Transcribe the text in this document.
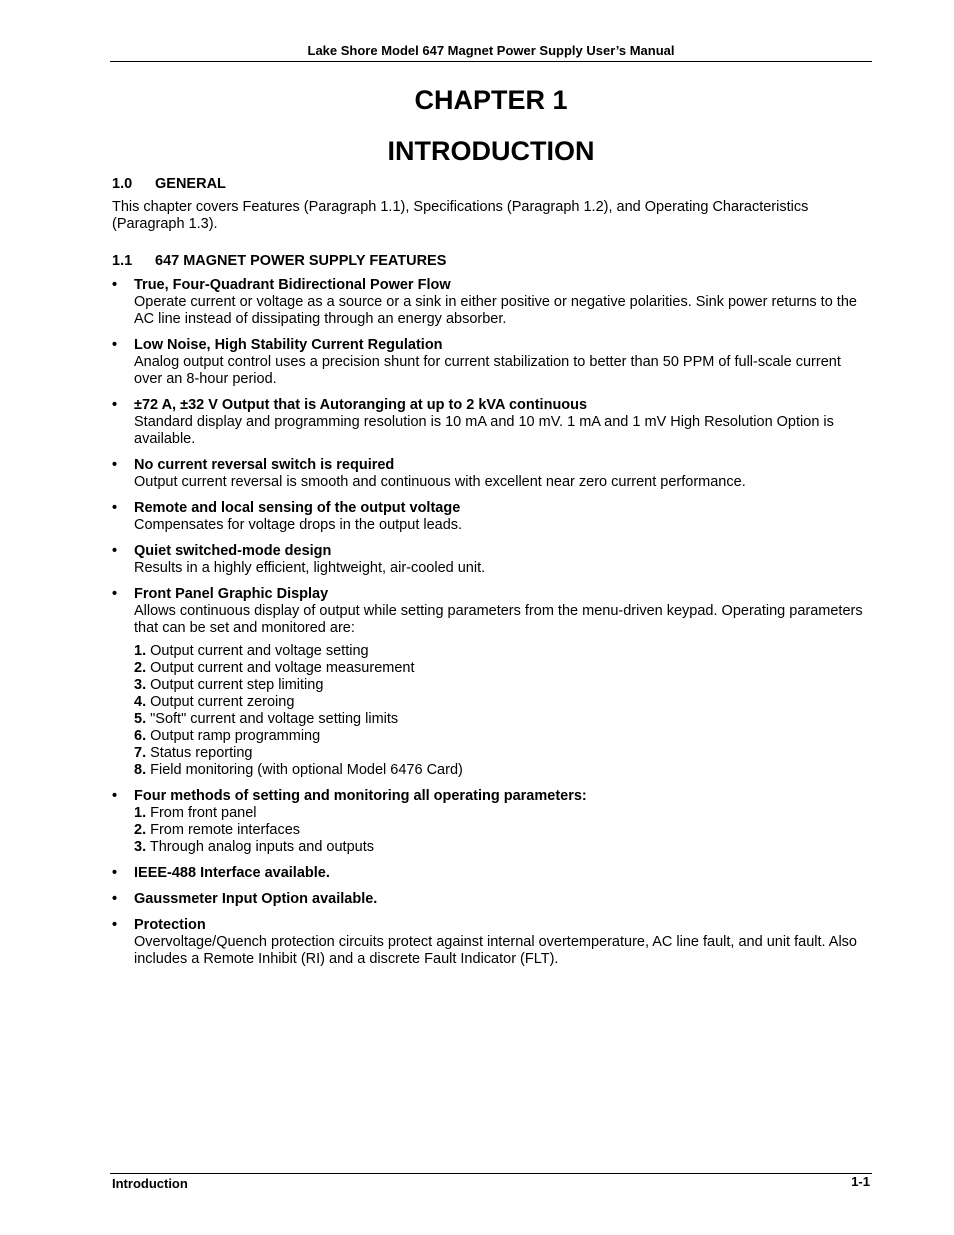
Lake Shore Model 647 Magnet Power Supply User’s Manual
CHAPTER 1
INTRODUCTION

1.0 GENERAL

This chapter covers Features (Paragraph 1.1), Specifications (Paragraph 1.2), and Operating Characteristics (Paragraph 1.3).

1.1 647 MAGNET POWER SUPPLY FEATURES

• True, Four-Quadrant Bidirectional Power Flow
Operate current or voltage as a source or a sink in either positive or negative polarities. Sink power returns to the AC line instead of dissipating through an energy absorber.
• Low Noise, High Stability Current Regulation
Analog output control uses a precision shunt for current stabilization to better than 50 PPM of full-scale current over an 8-hour period.
• ±72 A, ±32 V Output that is Autoranging at up to 2 kVA continuous
Standard display and programming resolution is 10 mA and 10 mV. 1 mA and 1 mV High Resolution Option is available.
• No current reversal switch is required
Output current reversal is smooth and continuous with excellent near zero current performance.
• Remote and local sensing of the output voltage
Compensates for voltage drops in the output leads.
• Quiet switched-mode design
Results in a highly efficient, lightweight, air-cooled unit.
• Front Panel Graphic Display
Allows continuous display of output while setting parameters from the menu-driven keypad. Operating parameters that can be set and monitored are:
1. Output current and voltage setting
2. Output current and voltage measurement
3. Output current step limiting
4. Output current zeroing
5. "Soft" current and voltage setting limits
6. Output ramp programming
7. Status reporting
8. Field monitoring (with optional Model 6476 Card)
• Four methods of setting and monitoring all operating parameters:
1. From front panel
2. From remote interfaces
3. Through analog inputs and outputs
• IEEE-488 Interface available.
• Gaussmeter Input Option available.
• Protection
Overvoltage/Quench protection circuits protect against internal overtemperature, AC line fault, and unit fault. Also includes a Remote Inhibit (RI) and a discrete Fault Indicator (FLT).
Introduction	1-1
